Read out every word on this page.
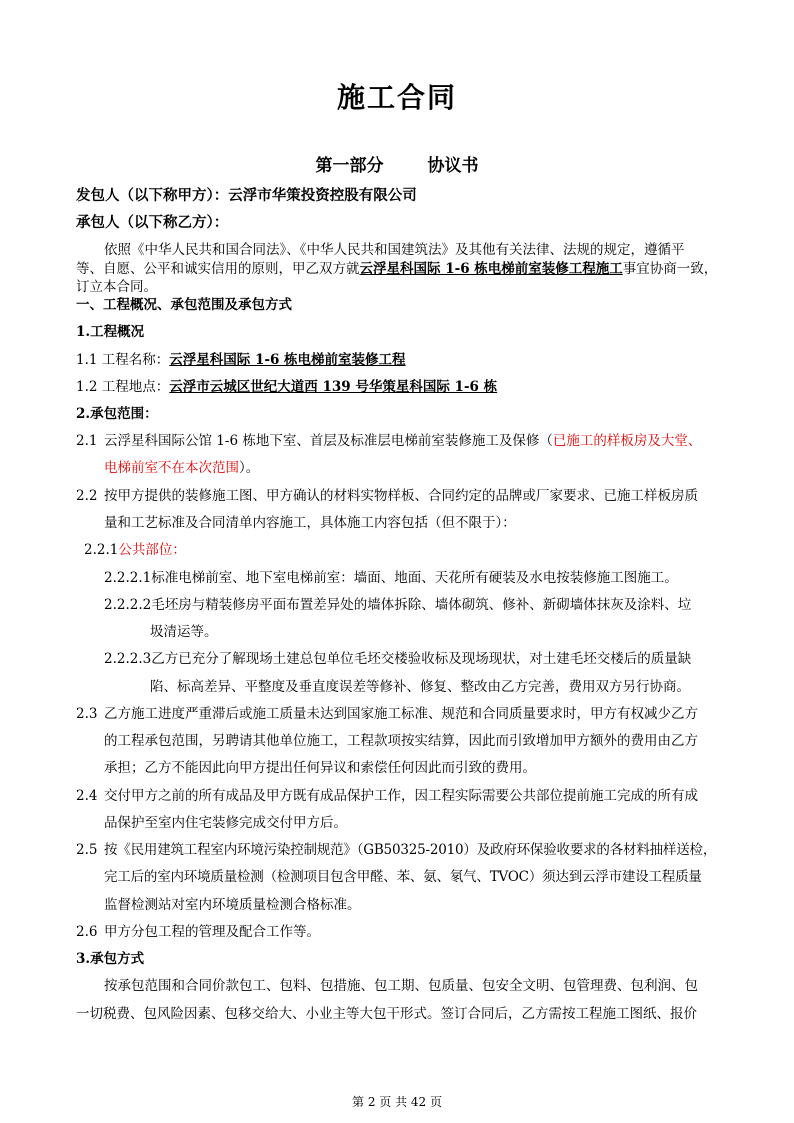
施工合同
第一部分	协议书
发包人（以下称甲方）：云浮市华策投资控股有限公司
承包人（以下称乙方）：
依照《中华人民共和国合同法》、《中华人民共和国建筑法》及其他有关法律、法规的规定，遵循平
等、自愿、公平和诚实信用的原则，甲乙双方就云浮星科国际 1-6 栋电梯前室装修工程施工事宜协商一致，
订立本合同。
一、工程概况、承包范围及承包方式
1.工程概况
1.1 工程名称：云浮星科国际 1-6 栋电梯前室装修工程
1.2 工程地点：云浮市云城区世纪大道西 139 号华策星科国际 1-6 栋
2.承包范围：
2.1 云浮星科国际公馆 1-6 栋地下室、首层及标准层电梯前室装修施工及保修（已施工的样板房及大堂、
电梯前室不在本次范围）。
2.2 按甲方提供的装修施工图、甲方确认的材料实物样板、合同约定的品牌或厂家要求、已施工样板房质
量和工艺标准及合同清单内容施工，具体施工内容包括（但不限于）：
2.2.1公共部位：
2.2.2.1标准电梯前室、地下室电梯前室：墙面、地面、天花所有硬装及水电按装修施工图施工。
2.2.2.2毛坯房与精装修房平面布置差异处的墙体拆除、墙体砌筑、修补、新砌墙体抹灰及涂料、垃
圾清运等。
2.2.2.3乙方已充分了解现场土建总包单位毛坯交楼验收标及现场现状，对土建毛坯交楼后的质量缺
陷、标高差异、平整度及垂直度误差等修补、修复、整改由乙方完善，费用双方另行协商。
2.3 乙方施工进度严重滞后或施工质量未达到国家施工标准、规范和合同质量要求时，甲方有权减少乙方
的工程承包范围，另聘请其他单位施工，工程款项按实结算，因此而引致增加甲方额外的费用由乙方
承担；乙方不能因此向甲方提出任何异议和索偿任何因此而引致的费用。
2.4 交付甲方之前的所有成品及甲方既有成品保护工作，因工程实际需要公共部位提前施工完成的所有成
品保护至室内住宅装修完成交付甲方后。
2.5 按《民用建筑工程室内环境污染控制规范》（GB50325-2010）及政府环保验收要求的各材料抽样送检，
完工后的室内环境质量检测（检测项目包含甲醛、苯、氨、氡气、TVOC）须达到云浮市建设工程质量
监督检测站对室内环境质量检测合格标准。
2.6 甲方分包工程的管理及配合工作等。
3.承包方式
按承包范围和合同价款包工、包料、包措施、包工期、包质量、包安全文明、包管理费、包利润、包
一切税费、包风险因素、包移交给大、小业主等大包干形式。签订合同后，乙方需按工程施工图纸、报价
第 2 页 共 42 页
